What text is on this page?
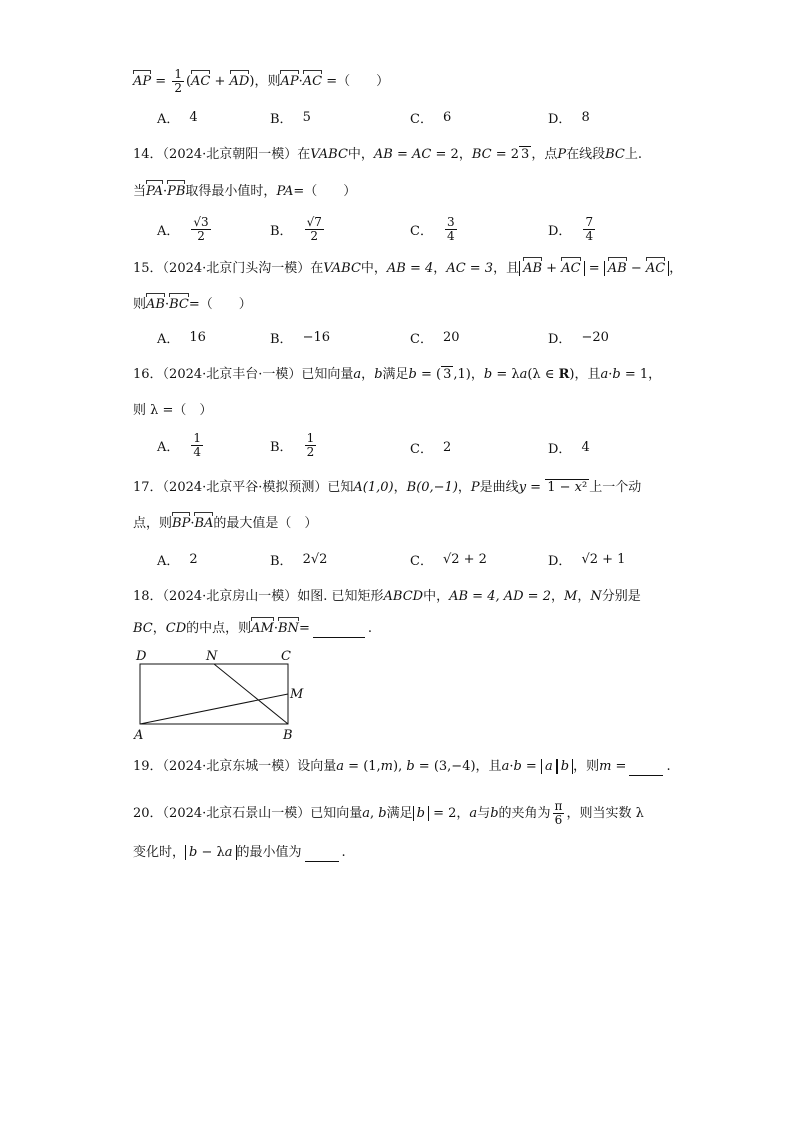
AP = $\frac{1}{2} (AC + AD)$，则AP·AC =（　　）
A． 4	B． 5	C． 6	D． 8
14．（2024·北京朝阳一模）在VABC中，AB = AC = 2，BC = 2 3 ，点P在线段BC上.
当PA·PB取得最小值时，PA=（　　）
A． $\frac{√3}{2}$	B． $\frac{√7}{2}$	C． $\frac{3}{4}$	D． $\frac{7}{4}$
15．（2024·北京门头沟一模）在VABC中，AB = 4，AC = 3，且 AB + AC = AB − AC ，
则AB·BC=（　　）
A． 16	B． −16	C． 20	D． −20
16．（2024·北京丰台·一模）已知向量a，b满足b = ( 3 ,1)，b = λa(λ ∈ R)，且a·b = 1，
则 λ =（　）
A． $\frac{1}{4}$	B． $\frac{1}{2}$	C． 2	D． 4
17．（2024·北京平谷·模拟预测）已知A(1,0)，B(0,−1)，P是曲线y = 1 − x² 上一个动
点，则BP·BA的最大值是（　）
A． 2	B． 2√2	C． √2 + 2	D． √2 + 1
18．（2024·北京房山一模）如图. 已知矩形ABCD中，AB = 4, AD = 2，M，N分别是
BC，CD的中点，则AM·BN=	.
D	N	C
M
A	B
19．（2024·北京东城一模）设向量a = (1,m), b = (3,−4)，且a·b = a b ，则m =	.
20．（2024·北京石景山一模）已知向量a, b满足 b = 2，a与b的夹角为 $\frac{\pi}{6}$ ，则当实数 λ
变化时， b − λa 的最小值为	.
